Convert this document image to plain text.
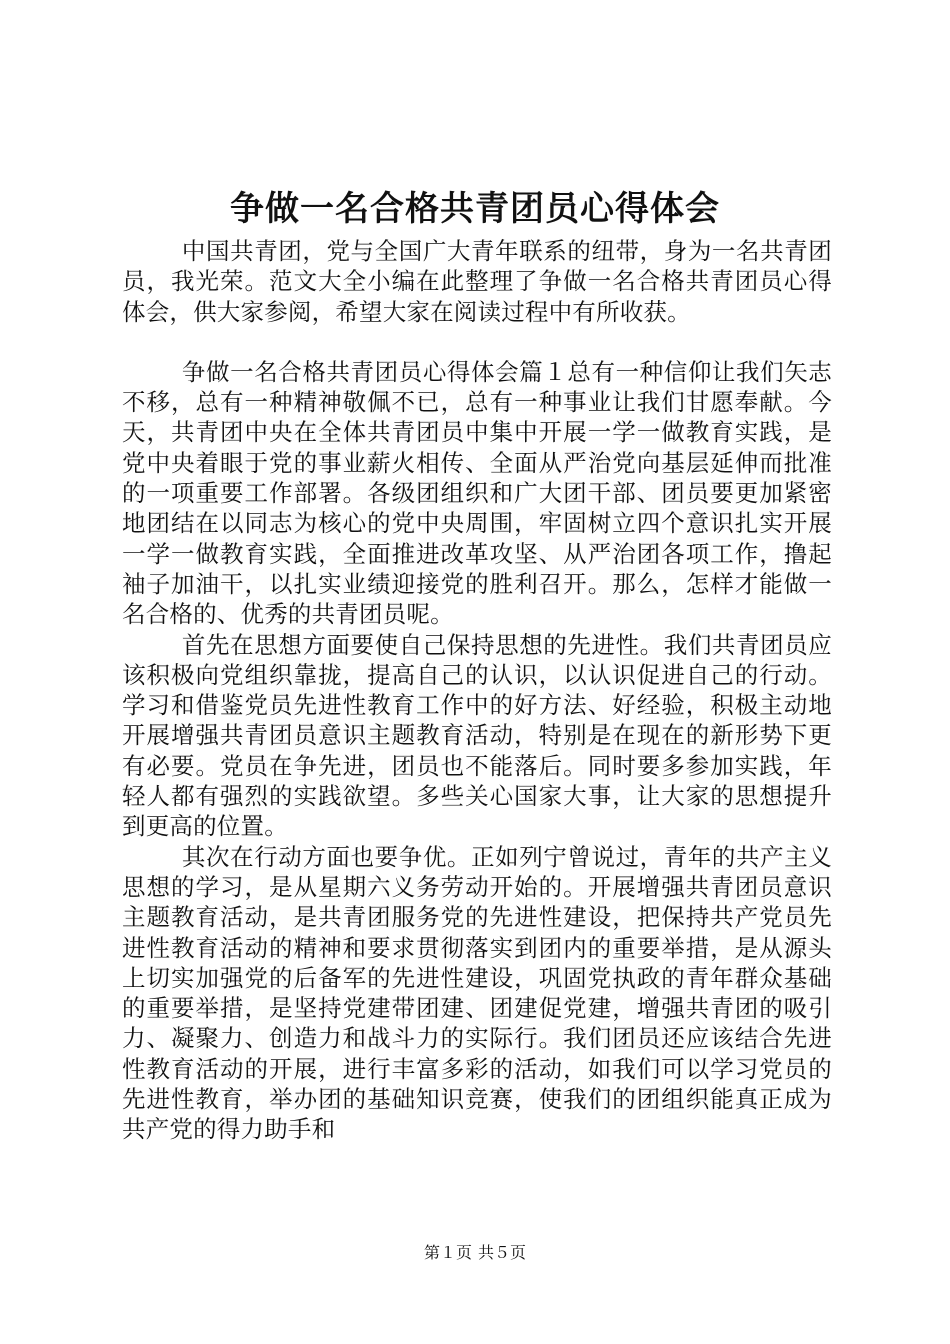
争做一名合格共青团员心得体会

中国共青团，党与全国广大青年联系的纽带，身为一名共青团员，我光荣。范文大全小编在此整理了争做一名合格共青团员心得体会，供大家参阅，希望大家在阅读过程中有所收获。

争做一名合格共青团员心得体会篇１总有一种信仰让我们矢志不移，总有一种精神敬佩不已，总有一种事业让我们甘愿奉献。今天，共青团中央在全体共青团员中集中开展一学一做教育实践，是党中央着眼于党的事业薪火相传、全面从严治党向基层延伸而批准的一项重要工作部署。各级团组织和广大团干部、团员要更加紧密地团结在以同志为核心的党中央周围，牢固树立四个意识扎实开展一学一做教育实践，全面推进改革攻坚、从严治团各项工作，撸起袖子加油干，以扎实业绩迎接党的胜利召开。那么，怎样才能做一名合格的、优秀的共青团员呢。

首先在思想方面要使自己保持思想的先进性。我们共青团员应该积极向党组织靠拢，提高自己的认识，以认识促进自己的行动。学习和借鉴党员先进性教育工作中的好方法、好经验，积极主动地开展增强共青团员意识主题教育活动，特别是在现在的新形势下更有必要。党员在争先进，团员也不能落后。同时要多参加实践，年轻人都有强烈的实践欲望。多些关心国家大事，让大家的思想提升到更高的位置。

其次在行动方面也要争优。正如列宁曾说过，青年的共产主义思想的学习，是从星期六义务劳动开始的。开展增强共青团员意识主题教育活动，是共青团服务党的先进性建设，把保持共产党员先进性教育活动的精神和要求贯彻落实到团内的重要举措，是从源头上切实加强党的后备军的先进性建设，巩固党执政的青年群众基础的重要举措，是坚持党建带团建、团建促党建，增强共青团的吸引力、凝聚力、创造力和战斗力的实际行。我们团员还应该结合先进性教育活动的开展，进行丰富多彩的活动，如我们可以学习党员的先进性教育，举办团的基础知识竞赛，使我们的团组织能真正成为共产党的得力助手和

第１页 共５页
